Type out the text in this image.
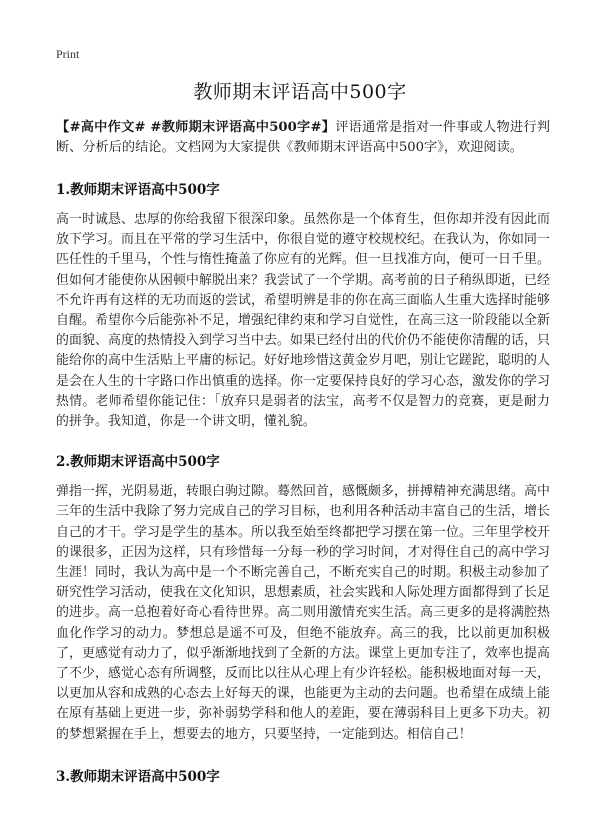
Print
教师期末评语高中500字

【#高中作文# #教师期末评语高中500字#】评语通常是指对一件事或人物进行判断、分析后的结论。文档网为大家提供《教师期末评语高中500字》，欢迎阅读。

1.教师期末评语高中500字

高一时诚恳、忠厚的你给我留下很深印象。虽然你是一个体育生，但你却并没有因此而放下学习。而且在平常的学习生活中，你很自觉的遵守校规校纪。在我认为，你如同一匹任性的千里马，个性与惰性掩盖了你应有的光辉。但一旦找准方向，便可一日千里。但如何才能使你从困顿中解脱出来？我尝试了一个学期。高考前的日子稍纵即逝，已经不允许再有这样的无功而返的尝试，希望明辨是非的你在高三面临人生重大选择时能够自醒。希望你今后能弥补不足，增强纪律约束和学习自觉性，在高三这一阶段能以全新的面貌、高度的热情投入到学习当中去。如果已经付出的代价仍不能使你清醒的话，只能给你的高中生活贴上平庸的标记。好好地珍惜这黄金岁月吧，别让它蹉跎，聪明的人是会在人生的十字路口作出慎重的选择。你一定要保持良好的学习心态，激发你的学习热情。老师希望你能记住：「放弃只是弱者的法宝，高考不仅是智力的竞赛，更是耐力的拼争。我知道，你是一个讲文明，懂礼貌。

2.教师期末评语高中500字

弹指一挥，光阴易逝，转眼白驹过隙。蓦然回首，感慨颇多，拼搏精神充满思绪。高中三年的生活中我除了努力完成自己的学习目标，也利用各种活动丰富自己的生活，增长自己的才干。学习是学生的基本。所以我至始至终都把学习摆在第一位。三年里学校开的课很多，正因为这样，只有珍惜每一分每一秒的学习时间，才对得住自己的高中学习生涯！同时，我认为高中是一个不断完善自己，不断充实自己的时期。积极主动参加了研究性学习活动，使我在文化知识，思想素质，社会实践和人际处理方面都得到了长足的进步。高一总抱着好奇心看待世界。高二则用激情充实生活。高三更多的是将满腔热血化作学习的动力。梦想总是遥不可及，但绝不能放弃。高三的我，比以前更加积极了，更感觉有动力了，似乎渐渐地找到了全新的方法。课堂上更加专注了，效率也提高了不少，感觉心态有所调整，反而比以往从心理上有少许轻松。能积极地面对每一天，以更加从容和成熟的心态去上好每天的课，也能更为主动的去问题。也希望在成绩上能在原有基础上更进一步，弥补弱势学科和他人的差距，要在薄弱科目上更多下功夫。初的梦想紧握在手上，想要去的地方，只要坚持，一定能到达。相信自己！

3.教师期末评语高中500字
